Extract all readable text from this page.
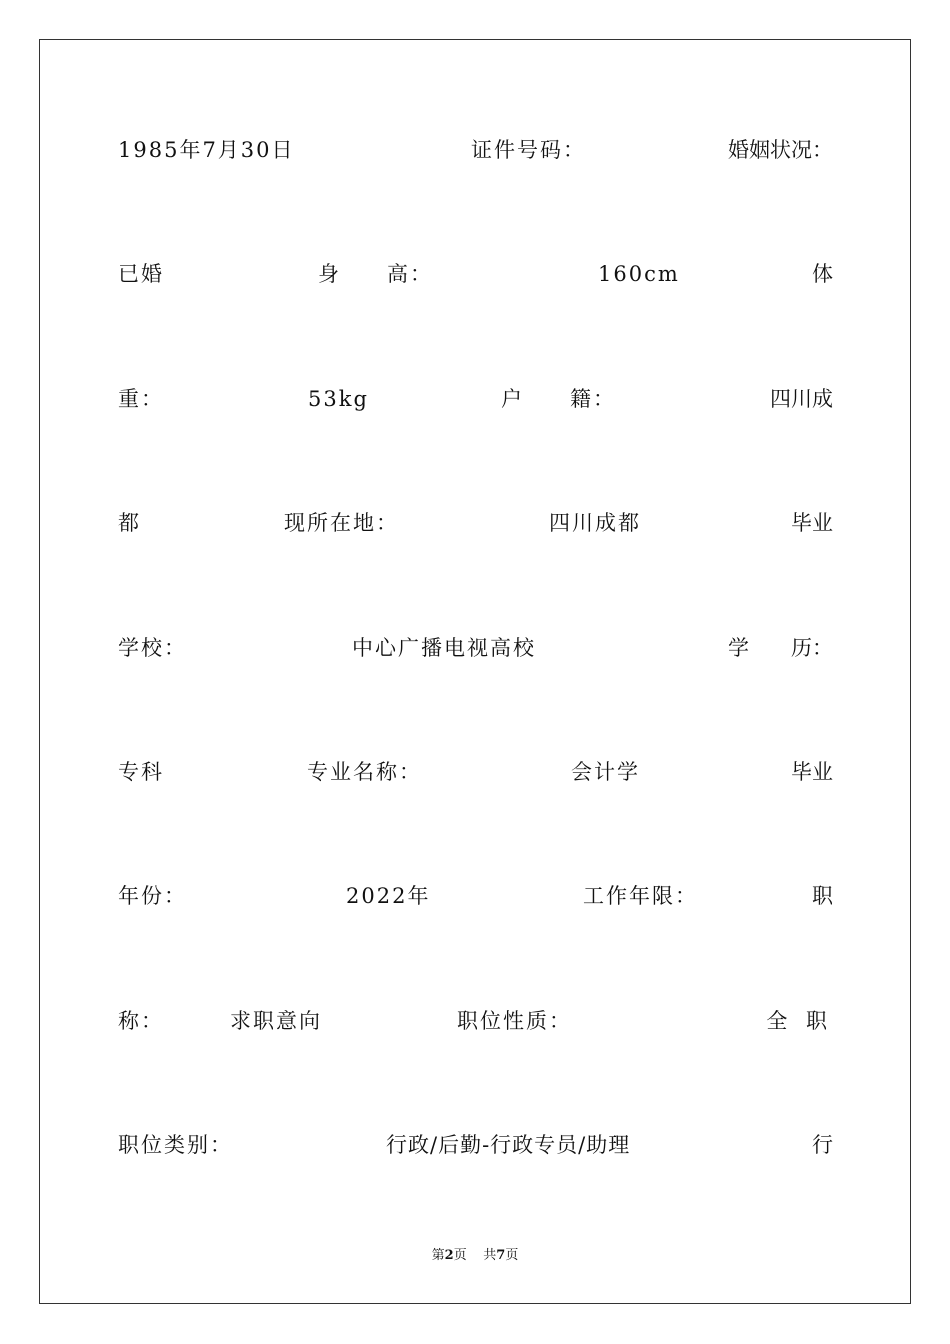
1985年7月30日	证件号码：	婚姻状况：
已婚	身　　高：	160cm	体
重：	53kg	户　　籍：	四川成
都	现所在地：	四川成都	毕业
学校：	中心广播电视高校	学　　历：
专科	专业名称：	会计学	毕业
年份：	2022年	工作年限：	职
称：	求职意向	职位性质：	全 职
职位类别：	行政/后勤-行政专员/助理	行
第2页 共7页
